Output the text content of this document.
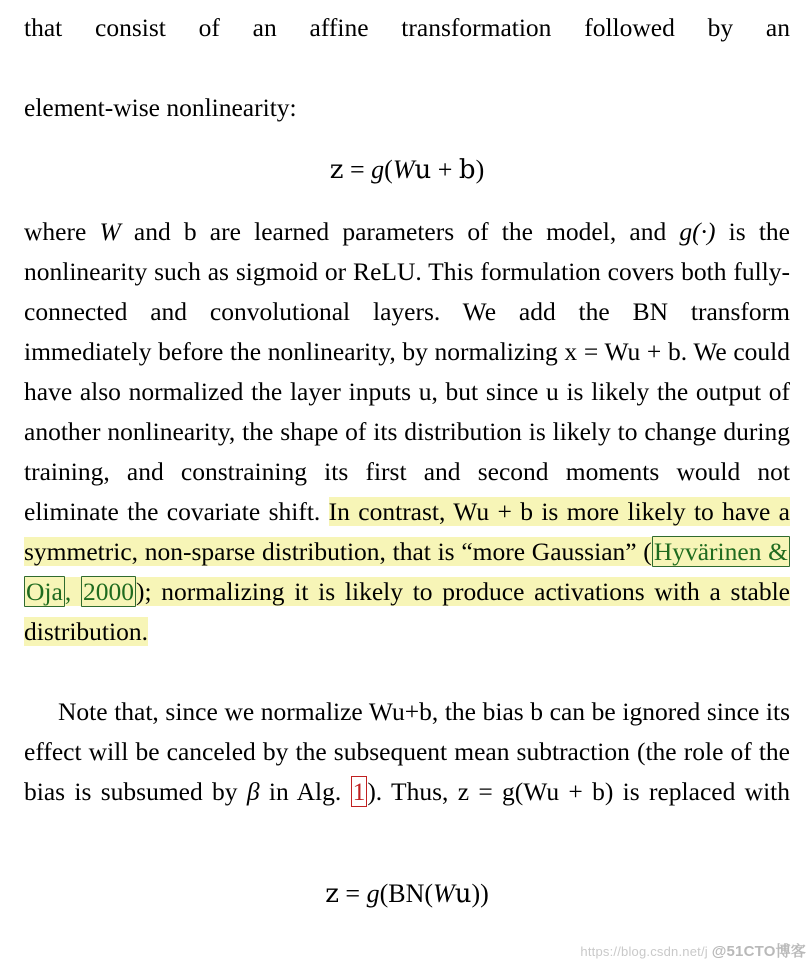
that consist of an affine transformation followed by an

element-wise nonlinearity:

z = g(Wu + b)

where W and b are learned parameters of the model, and g(·) is the nonlinearity such as sigmoid or ReLU. This formulation covers both fully-connected and convolutional layers. We add the BN transform immediately before the nonlinearity, by normalizing x = Wu + b. We could have also normalized the layer inputs u, but since u is likely the output of another nonlinearity, the shape of its distribution is likely to change during training, and constraining its first and second moments would not eliminate the covariate shift. In contrast, Wu + b is more likely to have a symmetric, non-sparse distribution, that is “more Gaussian” (Hyvärinen & Oja, 2000); normalizing it is likely to produce activations with a stable distribution.

Note that, since we normalize Wu+b, the bias b can be ignored since its effect will be canceled by the subsequent mean subtraction (the role of the bias is subsumed by β in Alg. 1). Thus, z = g(Wu + b) is replaced with

z = g(BN(Wu))
https://blog.csdn.net/j @51CTO博客
